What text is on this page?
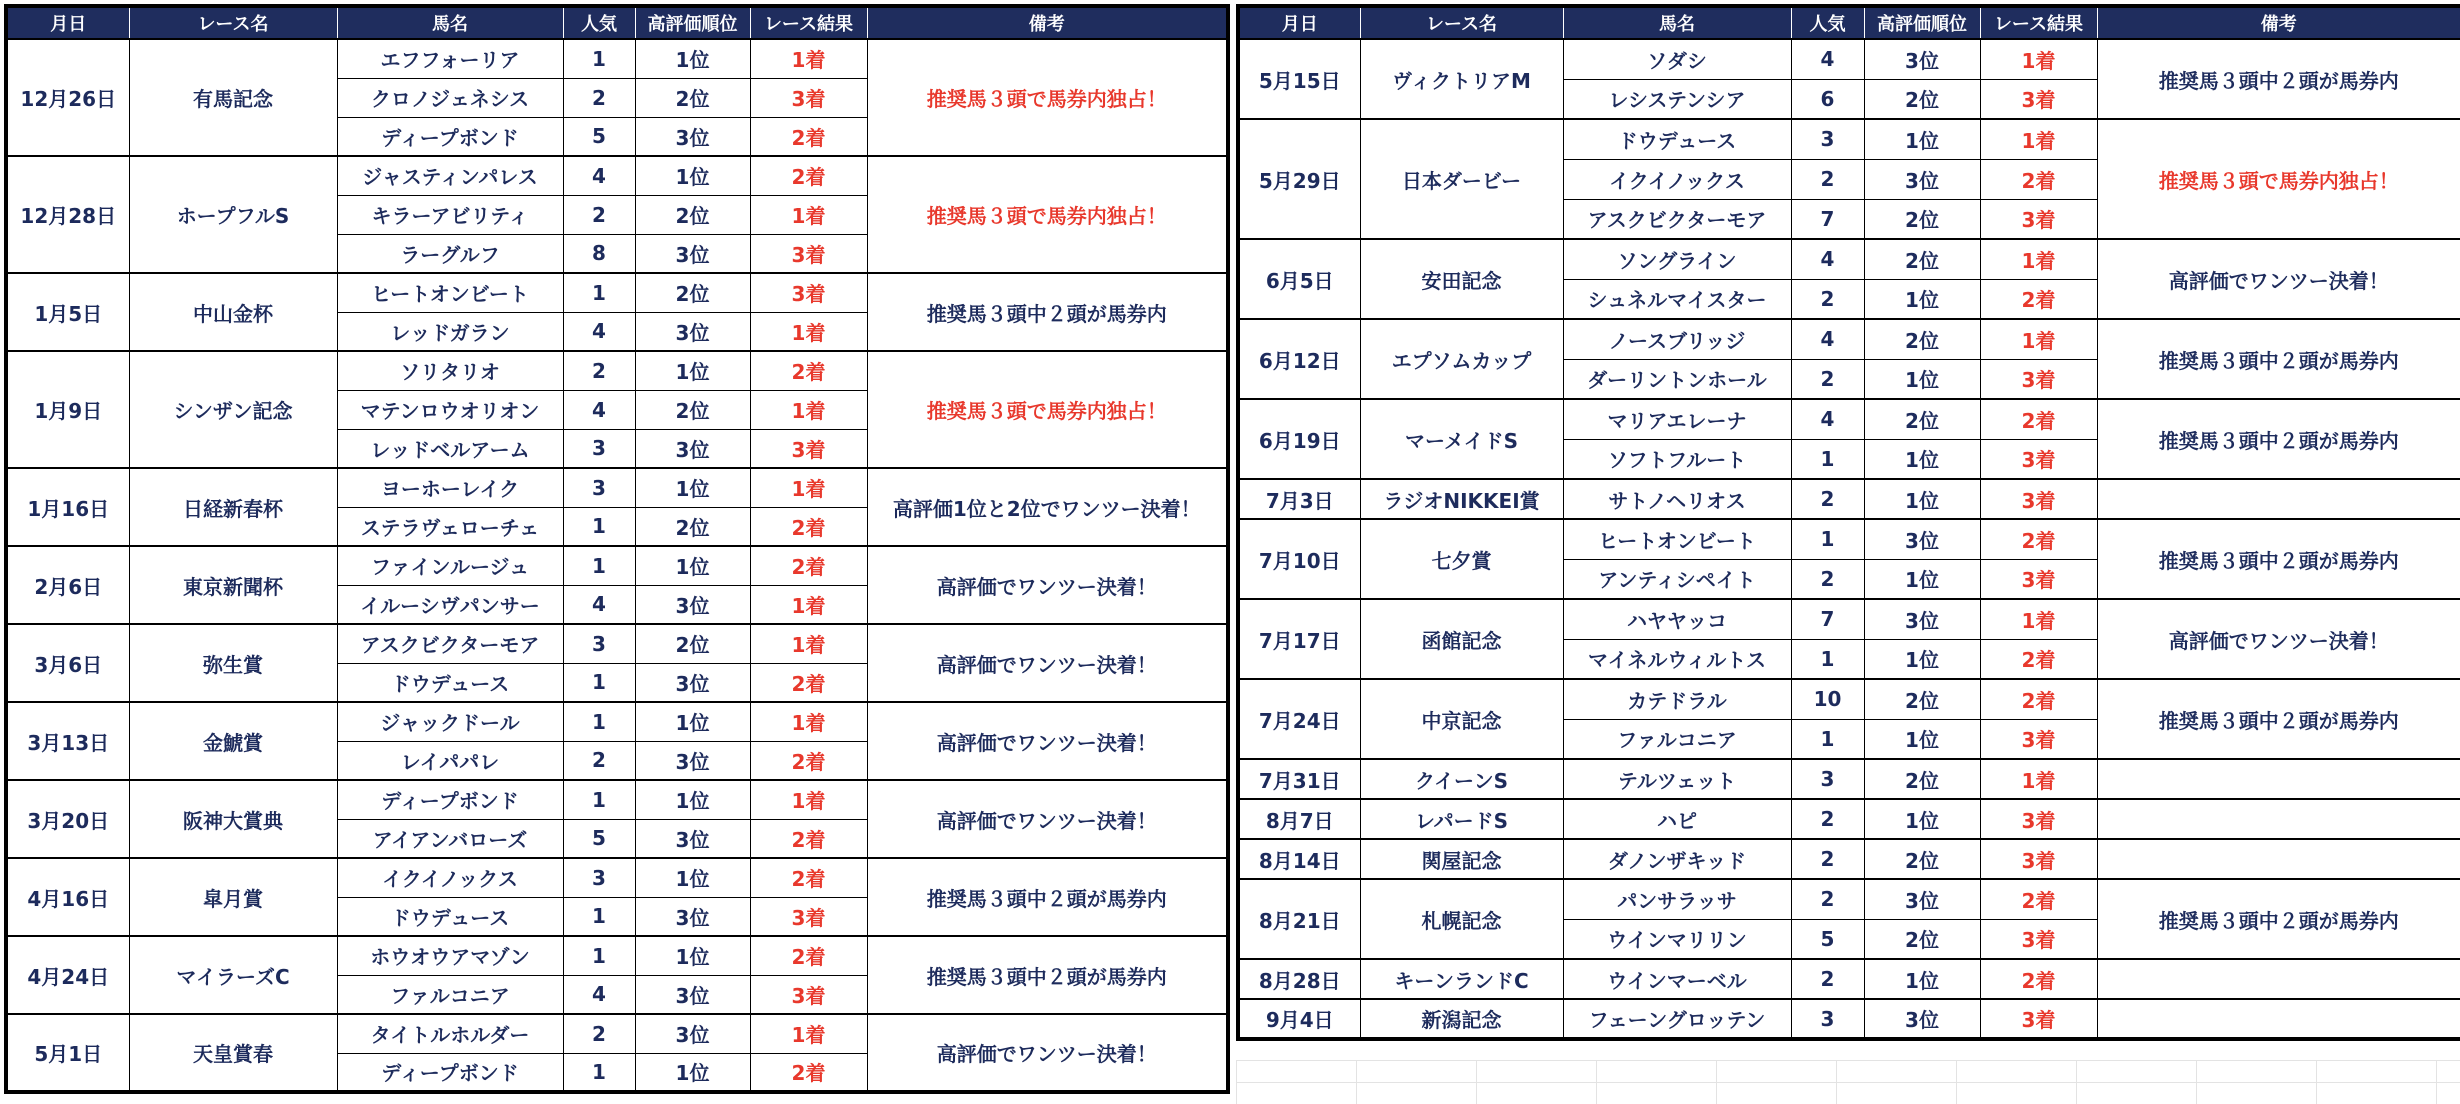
月日	レース名	馬名	人気	高評価順位	レース結果	備考
12月26日	有馬記念	エフフォーリア	1	1位	1着	推奨馬３頭で馬券内独占！
		クロノジェネシス	2	2位	3着	
		ディープボンド	5	3位	2着	
12月28日	ホープフルS	ジャスティンパレス	4	1位	2着	推奨馬３頭で馬券内独占！
		キラーアビリティ	2	2位	1着	
		ラーグルフ	8	3位	3着	
1月5日	中山金杯	ヒートオンビート	1	2位	3着	推奨馬３頭中２頭が馬券内
		レッドガラン	4	3位	1着	
1月9日	シンザン記念	ソリタリオ	2	1位	2着	推奨馬３頭で馬券内独占！
		マテンロウオリオン	4	2位	1着	
		レッドベルアーム	3	3位	3着	
1月16日	日経新春杯	ヨーホーレイク	3	1位	1着	高評価1位と2位でワンツー決着！
		ステラヴェローチェ	1	2位	2着	
2月6日	東京新聞杯	ファインルージュ	1	1位	2着	高評価でワンツー決着！
		イルーシヴパンサー	4	3位	1着	
3月6日	弥生賞	アスクビクターモア	3	2位	1着	高評価でワンツー決着！
		ドウデュース	1	3位	2着	
3月13日	金鯱賞	ジャックドール	1	1位	1着	高評価でワンツー決着！
		レイパパレ	2	3位	2着	
3月20日	阪神大賞典	ディープボンド	1	1位	1着	高評価でワンツー決着！
		アイアンバローズ	5	3位	2着	
4月16日	皐月賞	イクイノックス	3	1位	2着	推奨馬３頭中２頭が馬券内
		ドウデュース	1	3位	3着	
4月24日	マイラーズC	ホウオウアマゾン	1	1位	2着	推奨馬３頭中２頭が馬券内
		ファルコニア	4	3位	3着	
5月1日	天皇賞春	タイトルホルダー	2	3位	1着	高評価でワンツー決着！
		ディープボンド	1	1位	2着	
月日	レース名	馬名	人気	高評価順位	レース結果	備考
5月15日	ヴィクトリアM	ソダシ	4	3位	1着	推奨馬３頭中２頭が馬券内
		レシステンシア	6	2位	3着	
5月29日	日本ダービー	ドウデュース	3	1位	1着	推奨馬３頭で馬券内独占！
		イクイノックス	2	3位	2着	
		アスクビクターモア	7	2位	3着	
6月5日	安田記念	ソングライン	4	2位	1着	高評価でワンツー決着！
		シュネルマイスター	2	1位	2着	
6月12日	エプソムカップ	ノースブリッジ	4	2位	1着	推奨馬３頭中２頭が馬券内
		ダーリントンホール	2	1位	3着	
6月19日	マーメイドS	マリアエレーナ	4	2位	2着	推奨馬３頭中２頭が馬券内
		ソフトフルート	1	1位	3着	
7月3日	ラジオNIKKEI賞	サトノヘリオス	2	1位	3着	
7月10日	七夕賞	ヒートオンビート	1	3位	2着	推奨馬３頭中２頭が馬券内
		アンティシペイト	2	1位	3着	
7月17日	函館記念	ハヤヤッコ	7	3位	1着	高評価でワンツー決着！
		マイネルウィルトス	1	1位	2着	
7月24日	中京記念	カテドラル	10	2位	2着	推奨馬３頭中２頭が馬券内
		ファルコニア	1	1位	3着	
7月31日	クイーンS	テルツェット	3	2位	1着	
8月7日	レパードS	ハピ	2	1位	3着	
8月14日	関屋記念	ダノンザキッド	2	2位	3着	
8月21日	札幌記念	パンサラッサ	2	3位	2着	推奨馬３頭中２頭が馬券内
		ウインマリリン	5	2位	3着	
8月28日	キーンランドC	ウインマーベル	2	1位	2着	
9月4日	新潟記念	フェーングロッテン	3	3位	3着	
